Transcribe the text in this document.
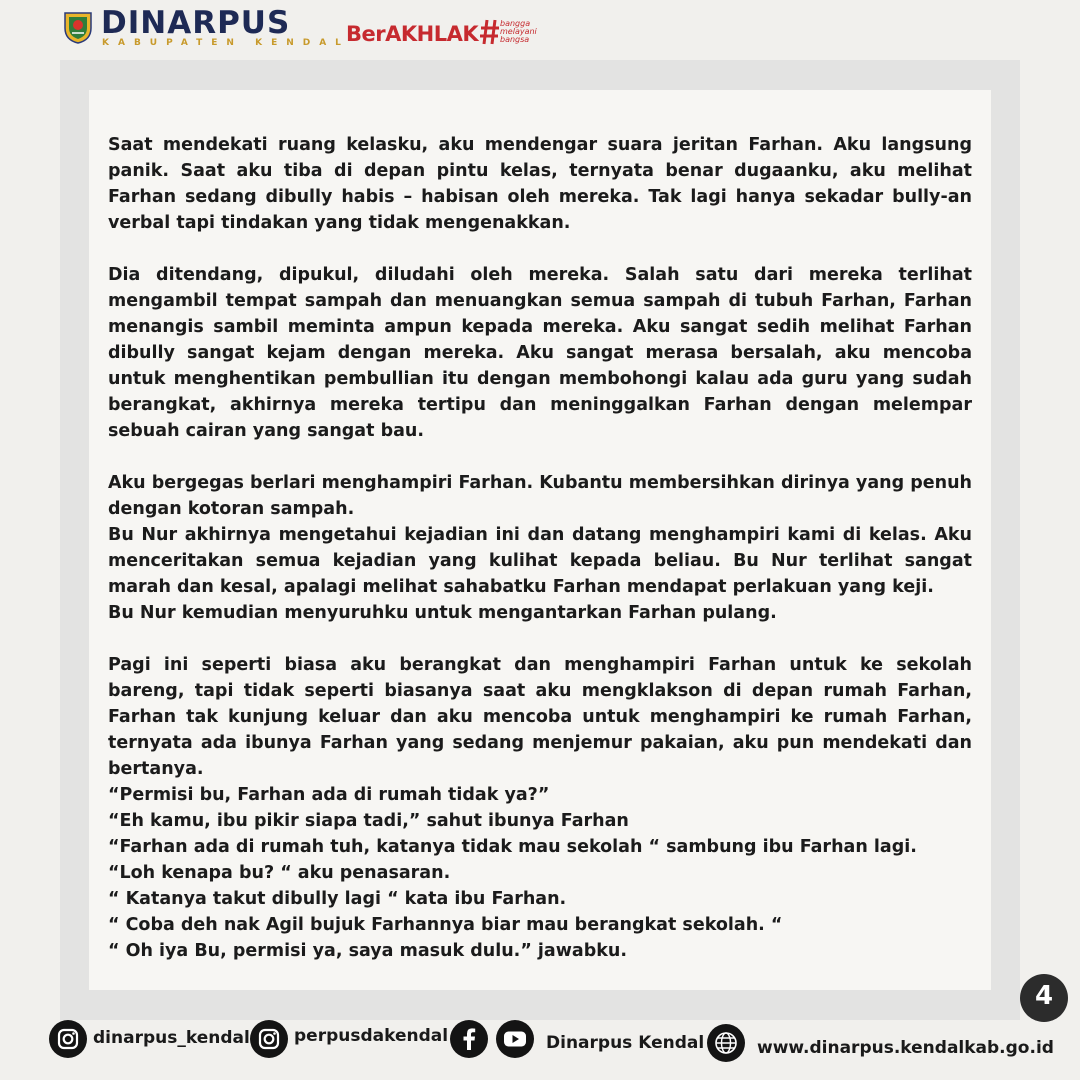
DINARPUS
KABUPATEN KENDAL
BerAKHLAK	bangga
melayani
bangsa

Saat mendekati ruang kelasku, aku mendengar suara jeritan Farhan. Aku langsung panik. Saat aku tiba di depan pintu kelas, ternyata benar dugaanku, aku melihat Farhan sedang dibully habis – habisan oleh mereka. Tak lagi hanya sekadar bully-an verbal tapi tindakan yang tidak mengenakkan.

Dia ditendang, dipukul, diludahi oleh mereka. Salah satu dari mereka terlihat mengambil tempat sampah dan menuangkan semua sampah di tubuh Farhan, Farhan menangis sambil meminta ampun kepada mereka. Aku sangat sedih melihat Farhan dibully sangat kejam dengan mereka. Aku sangat merasa bersalah, aku mencoba untuk menghentikan pembullian itu dengan membohongi kalau ada guru yang sudah berangkat, akhirnya mereka tertipu dan meninggalkan Farhan dengan melempar sebuah cairan yang sangat bau.

Aku bergegas berlari menghampiri Farhan. Kubantu membersihkan dirinya yang penuh dengan kotoran sampah.

Bu Nur akhirnya mengetahui kejadian ini dan datang menghampiri kami di kelas. Aku menceritakan semua kejadian yang kulihat kepada beliau. Bu Nur terlihat sangat marah dan kesal, apalagi melihat sahabatku Farhan mendapat perlakuan yang keji.

Bu Nur kemudian menyuruhku untuk mengantarkan Farhan pulang.

Pagi ini seperti biasa aku berangkat dan menghampiri Farhan untuk ke sekolah bareng, tapi tidak seperti biasanya saat aku mengklakson di depan rumah Farhan, Farhan tak kunjung keluar dan aku mencoba untuk menghampiri ke rumah Farhan, ternyata ada ibunya Farhan yang sedang menjemur pakaian, aku pun mendekati dan bertanya.

“Permisi bu, Farhan ada di rumah tidak ya?”

“Eh kamu, ibu pikir siapa tadi,” sahut ibunya Farhan

“Farhan ada di rumah tuh, katanya tidak mau sekolah “ sambung ibu Farhan lagi.

“Loh kenapa bu? “ aku penasaran.

“ Katanya takut dibully lagi “ kata ibu Farhan.

“ Coba deh nak Agil bujuk Farhannya biar mau berangkat sekolah. “

“ Oh iya Bu, permisi ya, saya masuk dulu.” jawabku.

4
dinarpus_kendal	perpusdakendal	Dinarpus Kendal	www.dinarpus.kendalkab.go.id
